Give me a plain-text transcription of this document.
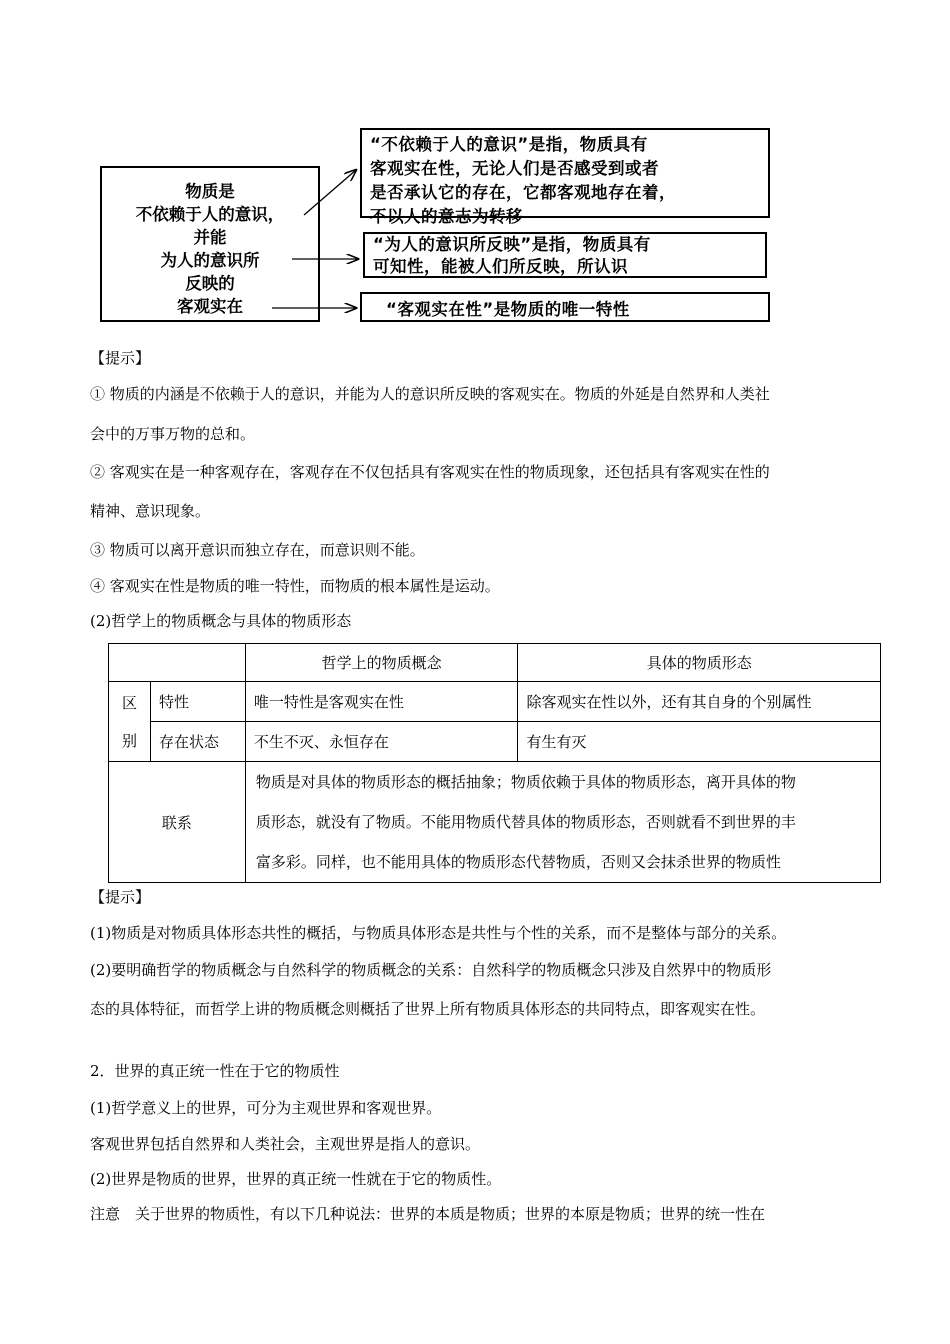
物质是
不依赖于人的意识，
并能
为人的意识所
反映的
客观实在
“不依赖于人的意识”是指，物质具有
客观实在性，无论人们是否感受到或者
是否承认它的存在，它都客观地存在着，
不以人的意志为转移
“为人的意识所反映”是指，物质具有
可知性，能被人们所反映，所认识
“客观实在性”是物质的唯一特性
【提示】
① 物质的内涵是不依赖于人的意识，并能为人的意识所反映的客观实在。物质的外延是自然界和人类社
会中的万事万物的总和。
② 客观实在是一种客观存在，客观存在不仅包括具有客观实在性的物质现象，还包括具有客观实在性的
精神、意识现象。
③ 物质可以离开意识而独立存在，而意识则不能。
④ 客观实在性是物质的唯一特性，而物质的根本属性是运动。
(2)哲学上的物质概念与具体的物质形态
		哲学上的物质概念	具体的物质形态

区
别	特性	唯一特性是客观实在性	除客观实在性以外，还有其自身的个别属性
	存在状态	不生不灭、永恒存在	有生有灭
联系		物质是对具体的物质形态的概括抽象；物质依赖于具体的物质形态，离开具体的物
质形态，就没有了物质。不能用物质代替具体的物质形态，否则就看不到世界的丰
富多彩。同样，也不能用具体的物质形态代替物质，否则又会抹杀世界的物质性	
【提示】
(1)物质是对物质具体形态共性的概括，与物质具体形态是共性与个性的关系，而不是整体与部分的关系。
(2)要明确哲学的物质概念与自然科学的物质概念的关系：自然科学的物质概念只涉及自然界中的物质形
态的具体特征，而哲学上讲的物质概念则概括了世界上所有物质具体形态的共同特点，即客观实在性。
2．世界的真正统一性在于它的物质性
(1)哲学意义上的世界，可分为主观世界和客观世界。
客观世界包括自然界和人类社会，主观世界是指人的意识。
(2)世界是物质的世界，世界的真正统一性就在于它的物质性。
注意　关于世界的物质性，有以下几种说法：世界的本质是物质；世界的本原是物质；世界的统一性在
